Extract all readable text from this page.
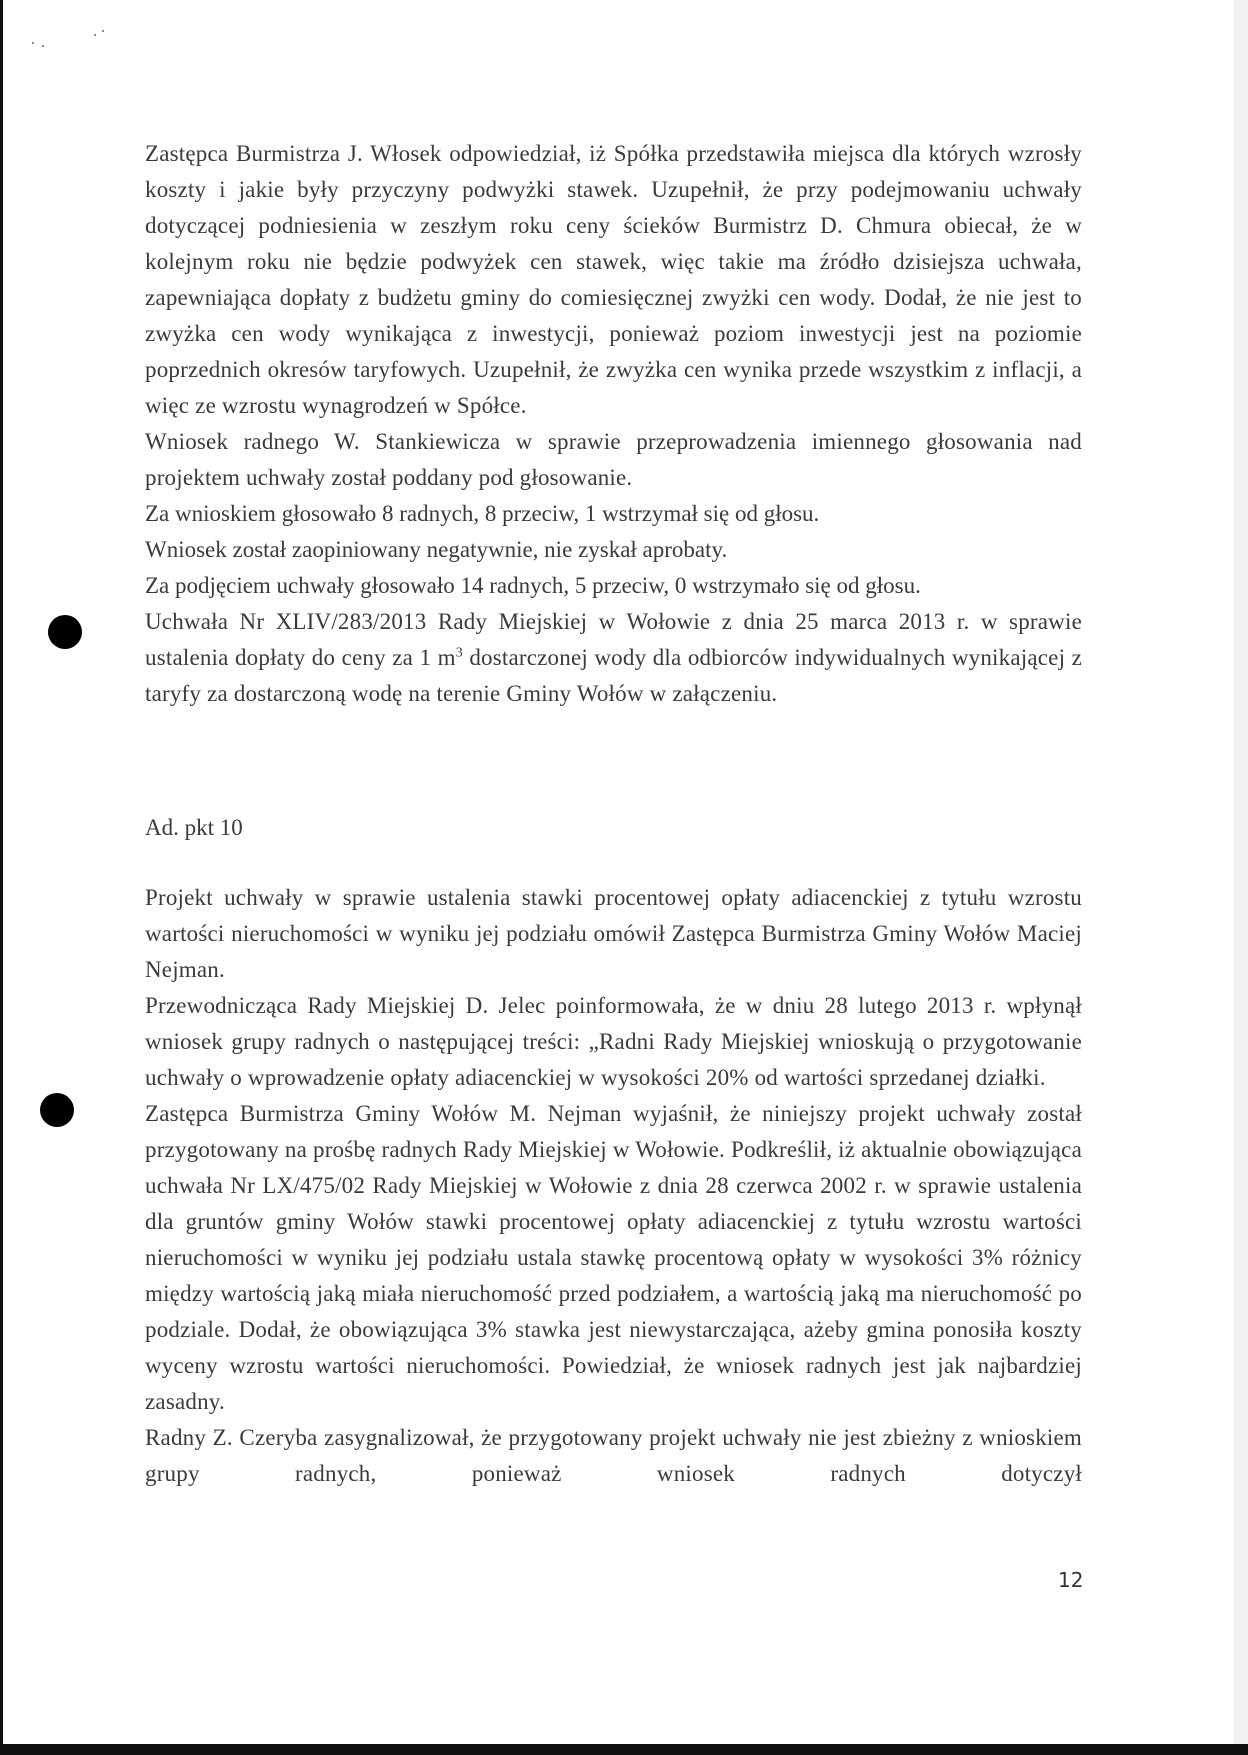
Zastępca Burmistrza J. Włosek odpowiedział, iż Spółka przedstawiła miejsca dla których wzrosły koszty i jakie były przyczyny podwyżki stawek. Uzupełnił, że przy podejmowaniu uchwały dotyczącej podniesienia w zeszłym roku ceny ścieków Burmistrz D. Chmura obiecał, że w kolejnym roku nie będzie podwyżek cen stawek, więc takie ma źródło dzisiejsza uchwała, zapewniająca dopłaty z budżetu gminy do comiesięcznej zwyżki cen wody. Dodał, że nie jest to zwyżka cen wody wynikająca z inwestycji, ponieważ poziom inwestycji jest na poziomie poprzednich okresów taryfowych. Uzupełnił, że zwyżka cen wynika przede wszystkim z inflacji, a więc ze wzrostu wynagrodzeń w Spółce.

Wniosek radnego W. Stankiewicza w sprawie przeprowadzenia imiennego głosowania nad projektem uchwały został poddany pod głosowanie.

Za wnioskiem głosowało 8 radnych, 8 przeciw, 1 wstrzymał się od głosu.

Wniosek został zaopiniowany negatywnie, nie zyskał aprobaty.

Za podjęciem uchwały głosowało 14 radnych, 5 przeciw, 0 wstrzymało się od głosu.

Uchwała Nr XLIV/283/2013 Rady Miejskiej w Wołowie z dnia 25 marca 2013 r. w sprawie ustalenia dopłaty do ceny za 1 $m^3$ dostarczonej wody dla odbiorców indywidualnych wynikającej z taryfy za dostarczoną wodę na terenie Gminy Wołów w załączeniu.

Ad. pkt 10

Projekt uchwały w sprawie ustalenia stawki procentowej opłaty adiacenckiej z tytułu wzrostu wartości nieruchomości w wyniku jej podziału omówił Zastępca Burmistrza Gminy Wołów Maciej Nejman.

Przewodnicząca Rady Miejskiej D. Jelec poinformowała, że w dniu 28 lutego 2013 r. wpłynął wniosek grupy radnych o następującej treści: „Radni Rady Miejskiej wnioskują o przygotowanie uchwały o wprowadzenie opłaty adiacenckiej w wysokości 20% od wartości sprzedanej działki.

Zastępca Burmistrza Gminy Wołów M. Nejman wyjaśnił, że niniejszy projekt uchwały został przygotowany na prośbę radnych Rady Miejskiej w Wołowie. Podkreślił, iż aktualnie obowiązująca uchwała Nr LX/475/02 Rady Miejskiej w Wołowie z dnia 28 czerwca 2002 r. w sprawie ustalenia dla gruntów gminy Wołów stawki procentowej opłaty adiacenckiej z tytułu wzrostu wartości nieruchomości w wyniku jej podziału ustala stawkę procentową opłaty w wysokości 3% różnicy między wartością jaką miała nieruchomość przed podziałem, a wartością jaką ma nieruchomość po podziale. Dodał, że obowiązująca 3% stawka jest niewystarczająca, ażeby gmina ponosiła koszty wyceny wzrostu wartości nieruchomości. Powiedział, że wniosek radnych jest jak najbardziej zasadny.

Radny Z. Czeryba zasygnalizował, że przygotowany projekt uchwały nie jest zbieżny z wnioskiem grupy radnych, ponieważ wniosek radnych dotyczył

12
